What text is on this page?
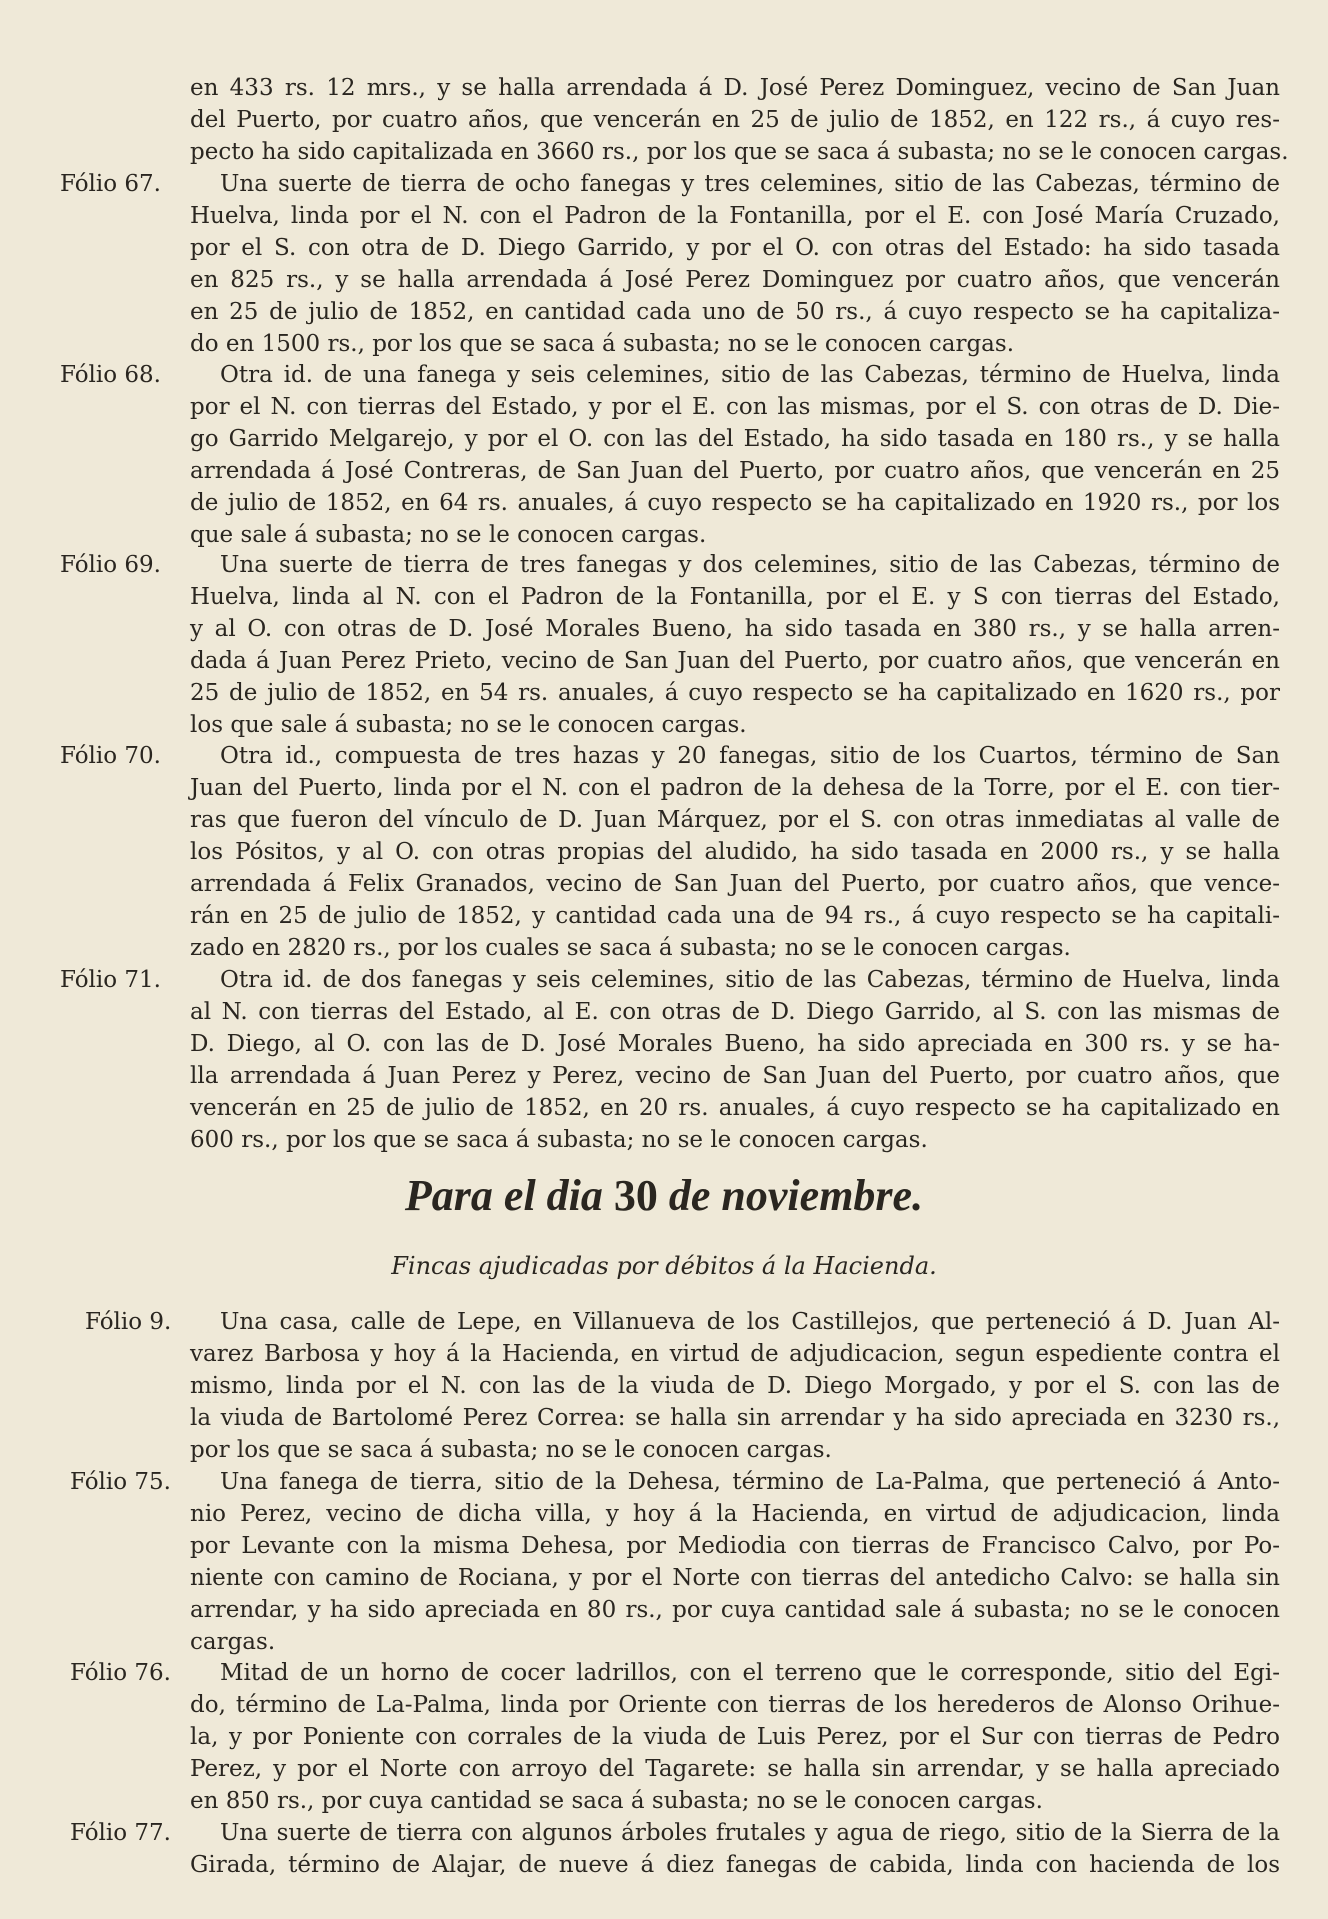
en 433 rs. 12 mrs., y se halla arrendada á D. José Perez Dominguez, vecino de San Juan
del Puerto, por cuatro años, que vencerán en 25 de julio de 1852, en 122 rs., á cuyo res-
pecto ha sido capitalizada en 3660 rs., por los que se saca á subasta; no se le conocen cargas.
Fólio 67.	Una suerte de tierra de ocho fanegas y tres celemines, sitio de las Cabezas, término de
Huelva, linda por el N. con el Padron de la Fontanilla, por el E. con José María Cruzado,
por el S. con otra de D. Diego Garrido, y por el O. con otras del Estado: ha sido tasada
en 825 rs., y se halla arrendada á José Perez Dominguez por cuatro años, que vencerán
en 25 de julio de 1852, en cantidad cada uno de 50 rs., á cuyo respecto se ha capitaliza-
do en 1500 rs., por los que se saca á subasta; no se le conocen cargas.
Fólio 68.	Otra id. de una fanega y seis celemines, sitio de las Cabezas, término de Huelva, linda
por el N. con tierras del Estado, y por el E. con las mismas, por el S. con otras de D. Die-
go Garrido Melgarejo, y por el O. con las del Estado, ha sido tasada en 180 rs., y se halla
arrendada á José Contreras, de San Juan del Puerto, por cuatro años, que vencerán en 25
de julio de 1852, en 64 rs. anuales, á cuyo respecto se ha capitalizado en 1920 rs., por los
que sale á subasta; no se le conocen cargas.
Fólio 69.	Una suerte de tierra de tres fanegas y dos celemines, sitio de las Cabezas, término de
Huelva, linda al N. con el Padron de la Fontanilla, por el E. y S con tierras del Estado,
y al O. con otras de D. José Morales Bueno, ha sido tasada en 380 rs., y se halla arren-
dada á Juan Perez Prieto, vecino de San Juan del Puerto, por cuatro años, que vencerán en
25 de julio de 1852, en 54 rs. anuales, á cuyo respecto se ha capitalizado en 1620 rs., por
los que sale á subasta; no se le conocen cargas.
Fólio 70.	Otra id., compuesta de tres hazas y 20 fanegas, sitio de los Cuartos, término de San
Juan del Puerto, linda por el N. con el padron de la dehesa de la Torre, por el E. con tier-
ras que fueron del vínculo de D. Juan Márquez, por el S. con otras inmediatas al valle de
los Pósitos, y al O. con otras propias del aludido, ha sido tasada en 2000 rs., y se halla
arrendada á Felix Granados, vecino de San Juan del Puerto, por cuatro años, que vence-
rán en 25 de julio de 1852, y cantidad cada una de 94 rs., á cuyo respecto se ha capitali-
zado en 2820 rs., por los cuales se saca á subasta; no se le conocen cargas.
Fólio 71.	Otra id. de dos fanegas y seis celemines, sitio de las Cabezas, término de Huelva, linda
al N. con tierras del Estado, al E. con otras de D. Diego Garrido, al S. con las mismas de
D. Diego, al O. con las de D. José Morales Bueno, ha sido apreciada en 300 rs. y se ha-
lla arrendada á Juan Perez y Perez, vecino de San Juan del Puerto, por cuatro años, que
vencerán en 25 de julio de 1852, en 20 rs. anuales, á cuyo respecto se ha capitalizado en
600 rs., por los que se saca á subasta; no se le conocen cargas.
Para el dia 30 de noviembre.
Fincas ajudicadas por débitos á la Hacienda.
Fólio 9. Una casa, calle de Lepe, en Villanueva de los Castillejos, que perteneció á D. Juan Al-
varez Barbosa y hoy á la Hacienda, en virtud de adjudicacion, segun espediente contra el
mismo, linda por el N. con las de la viuda de D. Diego Morgado, y por el S. con las de
la viuda de Bartolomé Perez Correa: se halla sin arrendar y ha sido apreciada en 3230 rs.,
por los que se saca á subasta; no se le conocen cargas.
Fólio 75. Una fanega de tierra, sitio de la Dehesa, término de La-Palma, que perteneció á Anto-
nio Perez, vecino de dicha villa, y hoy á la Hacienda, en virtud de adjudicacion, linda
por Levante con la misma Dehesa, por Mediodia con tierras de Francisco Calvo, por Po-
niente con camino de Rociana, y por el Norte con tierras del antedicho Calvo: se halla sin
arrendar, y ha sido apreciada en 80 rs., por cuya cantidad sale á subasta; no se le conocen
cargas.
Fólio 76. Mitad de un horno de cocer ladrillos, con el terreno que le corresponde, sitio del Egi-
do, término de La-Palma, linda por Oriente con tierras de los herederos de Alonso Orihue-
la, y por Poniente con corrales de la viuda de Luis Perez, por el Sur con tierras de Pedro
Perez, y por el Norte con arroyo del Tagarete: se halla sin arrendar, y se halla apreciado
en 850 rs., por cuya cantidad se saca á subasta; no se le conocen cargas.
Fólio 77. Una suerte de tierra con algunos árboles frutales y agua de riego, sitio de la Sierra de la
Girada, término de Alajar, de nueve á diez fanegas de cabida, linda con hacienda de los
